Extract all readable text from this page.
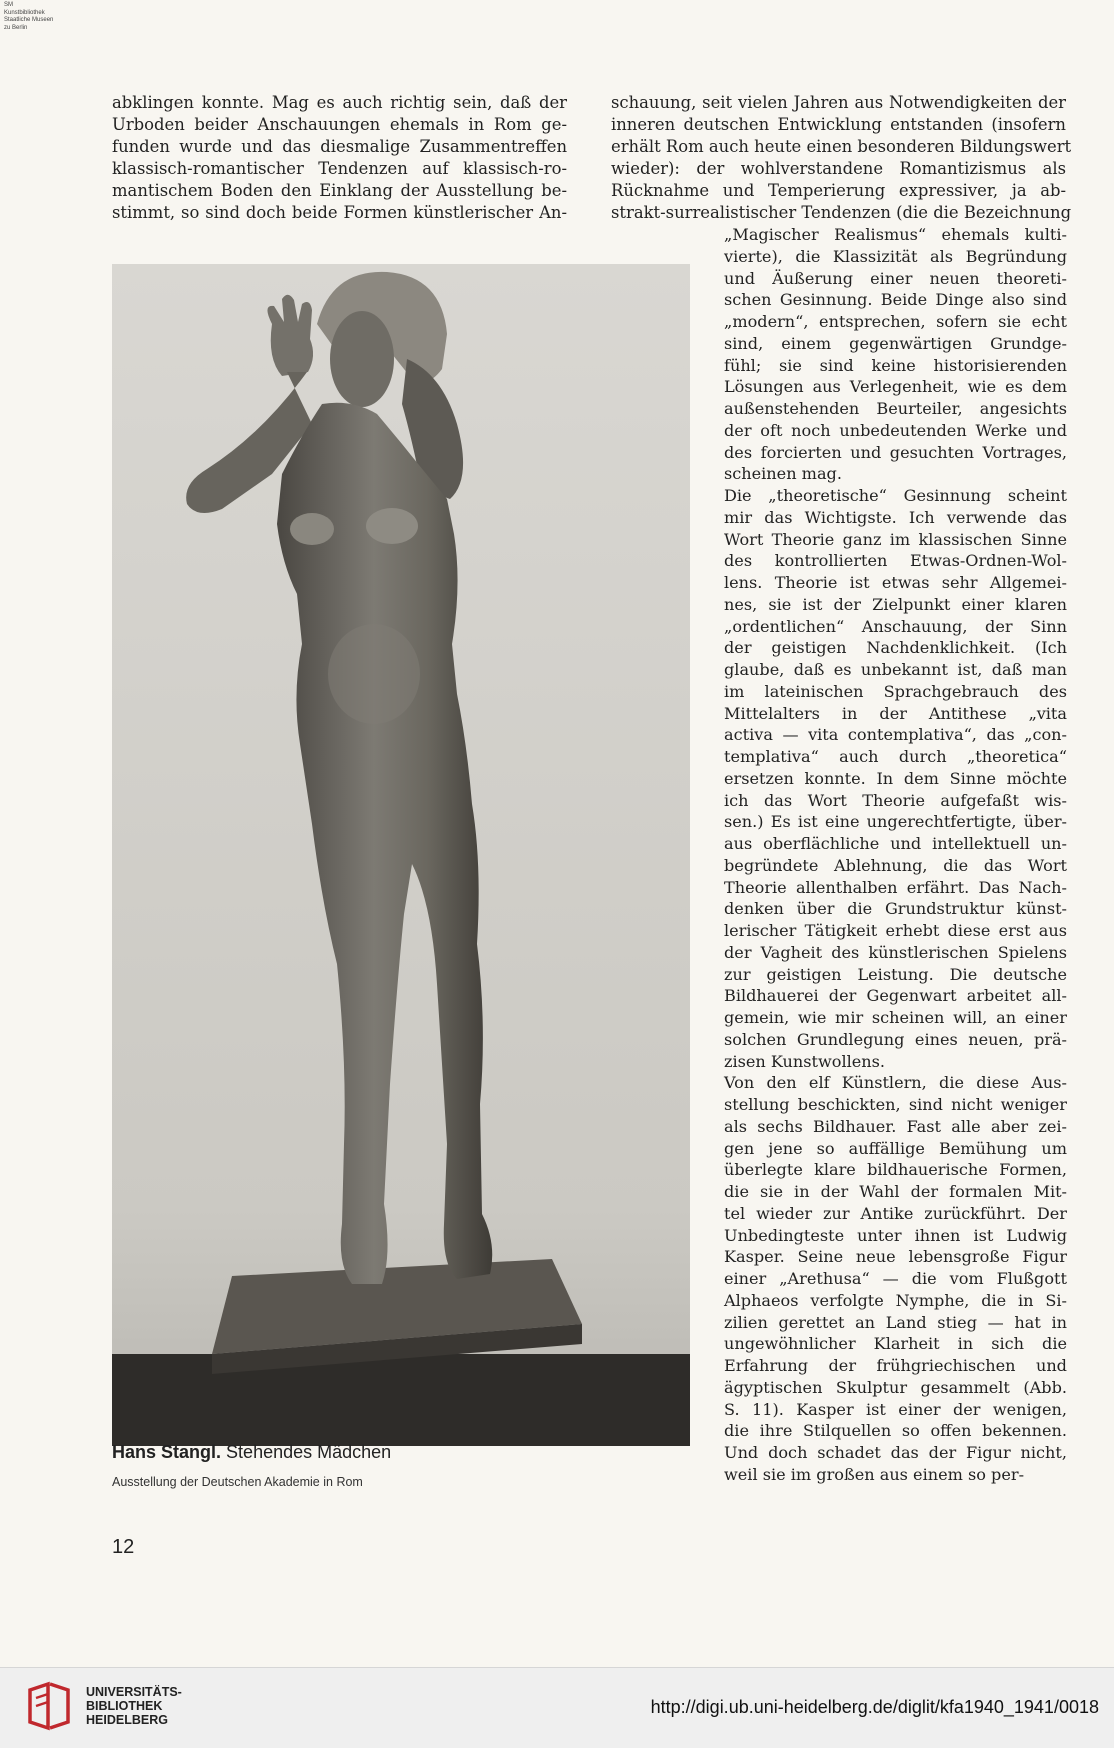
SM
Kunstbibliothek
Staatliche Museen
zu Berlin
abklingen konnte. Mag es auch richtig sein, daß der
Urboden beider Anschauungen ehemals in Rom ge-
funden wurde und das diesmalige Zusammentreffen
klassisch-romantischer Tendenzen auf klassisch-ro-
mantischem Boden den Einklang der Ausstellung be-
stimmt, so sind doch beide Formen künstlerischer An-
schauung, seit vielen Jahren aus Notwendigkeiten der
inneren deutschen Entwicklung entstanden (insofern
erhält Rom auch heute einen besonderen Bildungswert
wieder): der wohlverstandene Romantizismus als
Rücknahme und Temperierung expressiver, ja ab-
strakt-surrealistischer Tendenzen (die die Bezeichnung
„Magischer Realismus“ ehemals kulti-
vierte), die Klassizität als Begründung
und Äußerung einer neuen theoreti-
schen Gesinnung. Beide Dinge also sind
„modern“, entsprechen, sofern sie echt
sind, einem gegenwärtigen Grundge-
fühl; sie sind keine historisierenden
Lösungen aus Verlegenheit, wie es dem
außenstehenden Beurteiler, angesichts
der oft noch unbedeutenden Werke und
des forcierten und gesuchten Vortrages,
scheinen mag.
Die „theoretische“ Gesinnung scheint
mir das Wichtigste. Ich verwende das
Wort Theorie ganz im klassischen Sinne
des kontrollierten Etwas-Ordnen-Wol-
lens. Theorie ist etwas sehr Allgemei-
nes, sie ist der Zielpunkt einer klaren
„ordentlichen“ Anschauung, der Sinn
der geistigen Nachdenklichkeit. (Ich
glaube, daß es unbekannt ist, daß man
im lateinischen Sprachgebrauch des
Mittelalters in der Antithese „vita
activa — vita contemplativa“, das „con-
templativa“ auch durch „theoretica“
ersetzen konnte. In dem Sinne möchte
ich das Wort Theorie aufgefaßt wis-
sen.) Es ist eine ungerechtfertigte, über-
aus oberflächliche und intellektuell un-
begründete Ablehnung, die das Wort
Theorie allenthalben erfährt. Das Nach-
denken über die Grundstruktur künst-
lerischer Tätigkeit erhebt diese erst aus
der Vagheit des künstlerischen Spielens
zur geistigen Leistung. Die deutsche
Bildhauerei der Gegenwart arbeitet all-
gemein, wie mir scheinen will, an einer
solchen Grundlegung eines neuen, prä-
zisen Kunstwollens.
Von den elf Künstlern, die diese Aus-
stellung beschickten, sind nicht weniger
als sechs Bildhauer. Fast alle aber zei-
gen jene so auffällige Bemühung um
überlegte klare bildhauerische Formen,
die sie in der Wahl der formalen Mit-
tel wieder zur Antike zurückführt. Der
Unbedingteste unter ihnen ist Ludwig
Kasper. Seine neue lebensgroße Figur
einer „Arethusa“ — die vom Flußgott
Alphaeos verfolgte Nymphe, die in Si-
zilien gerettet an Land stieg — hat in
ungewöhnlicher Klarheit in sich die
Erfahrung der frühgriechischen und
ägyptischen Skulptur gesammelt (Abb.
S. 11). Kasper ist einer der wenigen,
die ihre Stilquellen so offen bekennen.
Und doch schadet das der Figur nicht,
weil sie im großen aus einem so per-
Hans Stangl. Stehendes Mädchen
Ausstellung der Deutschen Akademie in Rom
12
UNIVERSITÄTS-
BIBLIOTHEK
HEIDELBERG
http://digi.ub.uni-heidelberg.de/diglit/kfa1940_1941/0018
